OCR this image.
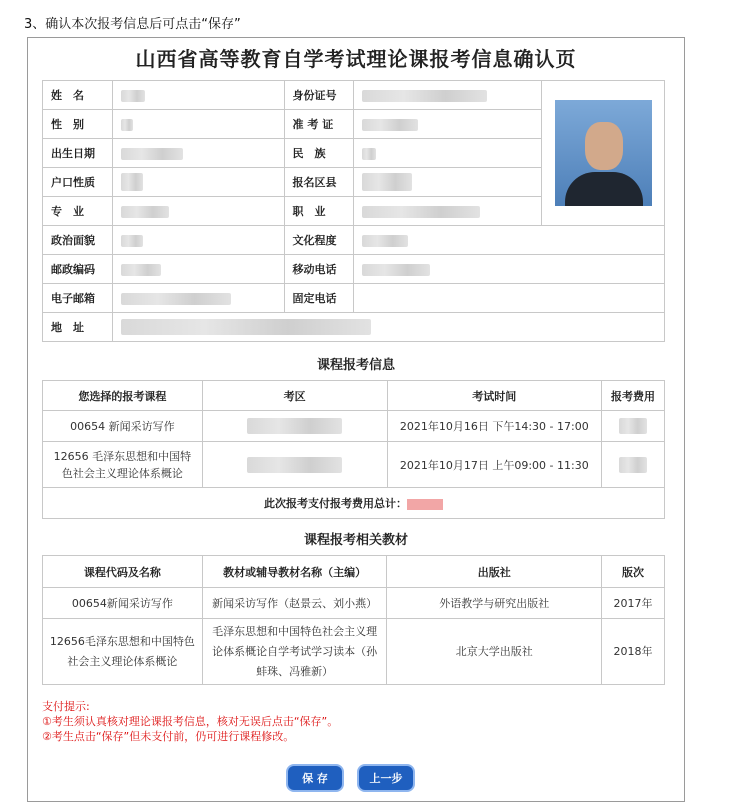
3、确认本次报考信息后可点击“保存”
山西省高等教育自学考试理论课报考信息确认页
姓　名		身份证号		

性　别		准 考 证		
出生日期		民　族		
户口性质		报名区县		
专　业		职　业		
政治面貌		文化程度		
邮政编码		移动电话		
电子邮箱		固定电话		
地　址				
课程报考信息
您选择的报考课程	考区	考试时间	报考费用
00654 新闻采访写作		2021年10月16日 下午14:30 - 17:00	
12656 毛泽东思想和中国特色社会主义理论体系概论		2021年10月17日 上午09:00 - 11:30	
此次报考支付报考费用总计：			
课程报考相关教材
课程代码及名称	教材或辅导教材名称（主编）	出版社	版次
00654新闻采访写作	新闻采访写作（赵景云、刘小燕）	外语教学与研究出版社	2017年
12656毛泽东思想和中国特色社会主义理论体系概论	毛泽东思想和中国特色社会主义理论体系概论自学考试学习读本（孙蚌珠、冯雅新）	北京大学出版社	2018年
支付提示:
①考生须认真核对理论课报考信息，核对无误后点击“保存”。
②考生点击“保存”但未支付前，仍可进行课程修改。
保 存	上一步
